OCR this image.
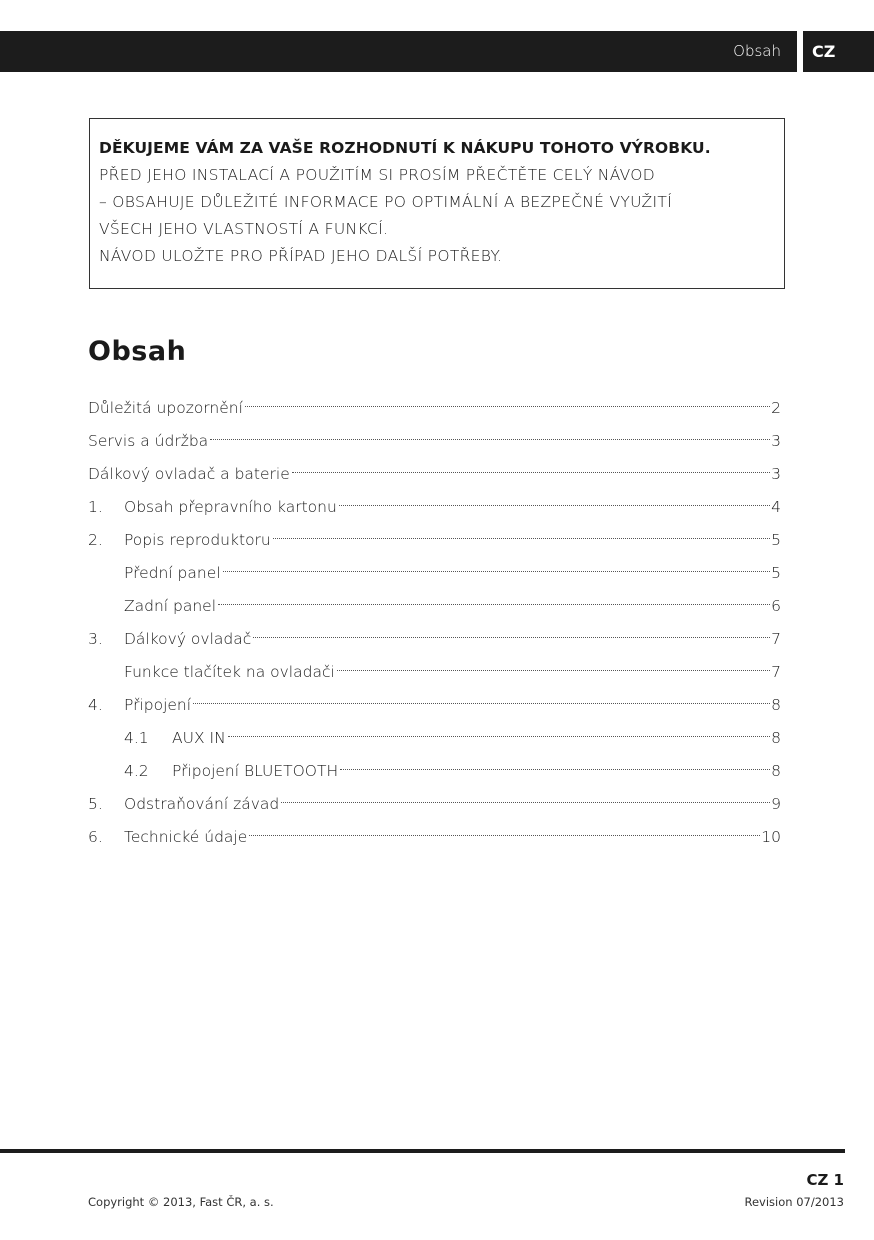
Obsah	CZ
DĚKUJEME VÁM ZA VAŠE ROZHODNUTÍ K NÁKUPU TOHOTO VÝROBKU.
PŘED JEHO INSTALACÍ A POUŽITÍM SI PROSÍM PŘEČTĚTE CELÝ NÁVOD
– OBSAHUJE DŮLEŽITÉ INFORMACE PO OPTIMÁLNÍ A BEZPEČNÉ VYUŽITÍ
VŠECH JEHO VLASTNOSTÍ A FUNKCÍ.
NÁVOD ULOŽTE PRO PŘÍPAD JEHO DALŠÍ POTŘEBY.
Obsah
Důležitá upozornění	2
Servis a údržba	3
Dálkový ovladač a baterie	3
1.	Obsah přepravního kartonu	4
2.	Popis reproduktoru	5
Přední panel	5
Zadní panel	6
3.	Dálkový ovladač	7
Funkce tlačítek na ovladači	7
4.	Připojení	8
4.1	AUX IN	8
4.2	Připojení BLUETOOTH	8
5.	Odstraňování závad	9
6.	Technické údaje	10
CZ 1
Copyright © 2013, Fast ČR, a. s.	Revision 07/2013
